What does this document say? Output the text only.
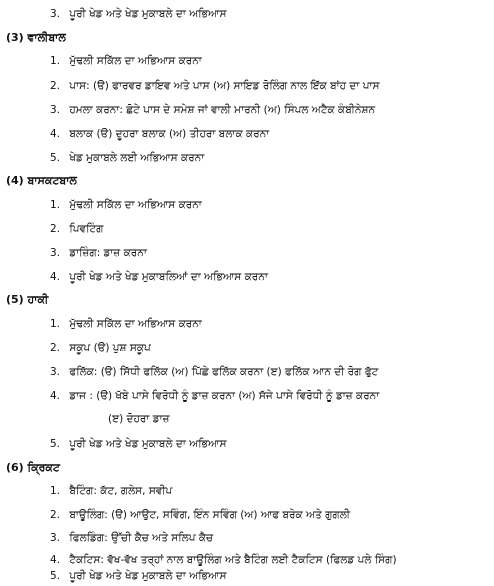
3. ਪੂਰੀ ਖੇਡ ਅਤੇ ਖੇਡ ਮੁਕਾਬਲੇ ਦਾ ਅਭਿਆਸ
(3) ਵਾਲੀਬਾਲ
1. ਮੁੱਢਲੀ ਸਕਿੱਲ ਦਾ ਅਭਿਆਸ ਕਰਨਾ
2. ਪਾਸ: (ੳ) ਫਾਰਵਰ ਡਾਇਵ ਅਤੇ ਪਾਸ (ਅ) ਸਾਇਡ ਰੋਲਿੰਗ ਨਾਲ ਇੱਕ ਬਾਂਹ ਦਾ ਪਾਸ
3. ਹਮਲਾ ਕਰਨਾ: ਛੋਟੇ ਪਾਸ ਦੇ ਸਮੇਸ਼ ਜਾਂ ਵਾਲੀ ਮਾਰਨੀ (ਅ) ਸਿੰਪਲ ਅਟੈਕ ਕੰਬੀਨੇਸ਼ਨ
4. ਬਲਾਕ (ੳ) ਦੂਹਰਾ ਬਲਾਕ (ਅ) ਤੀਹਰਾ ਬਲਾਕ ਕਰਨਾ
5. ਖੇਡ ਮੁਕਾਬਲੇ ਲਈ ਅਭਿਆਸ ਕਰਨਾ
(4) ਬਾਸਕਟਬਾਲ
1. ਮੁੱਢਲੀ ਸਕਿੱਲ ਦਾ ਅਭਿਆਸ ਕਰਨਾ
2. ਪਿਵਟਿੰਗ
3. ਡਾਜ਼ਿੰਗ: ਡਾਜ਼ ਕਰਨਾ
4. ਪੂਰੀ ਖੇਡ ਅਤੇ ਖੇਡ ਮੁਕਾਬਲਿਆਂ ਦਾ ਅਭਿਆਸ ਕਰਨਾ
(5) ਹਾਕੀ
1. ਮੁੱਢਲੀ ਸਕਿੱਲ ਦਾ ਅਭਿਆਸ ਕਰਨਾ
2. ਸਕੂਪ (ੳ) ਪੁਸ਼ ਸਕੂਪ
3. ਫਲਿੱਕ: (ੳ) ਸਿੱਧੀ ਫਲਿੱਕ (ਅ) ਪਿੱਛੇ ਫਲਿੱਕ ਕਰਨਾ (ੲ) ਫਲਿੱਕ ਆਨ ਦੀ ਰੋਗ ਫੁੱਟ
4. ਡਾਜ : (ੳ) ਖੱਬੇ ਪਾਸੇ ਵਿਰੋਧੀ ਨੂੰ ਡਾਜ਼ ਕਰਨਾ (ਅ) ਸੱਜੇ ਪਾਸੇ ਵਿਰੋਧੀ ਨੂੰ ਡਾਜ਼ ਕਰਨਾ
(ੲ) ਦੋਹਰਾ ਡਾਜ਼
5. ਪੂਰੀ ਖੇਡ ਅਤੇ ਖੇਡ ਮੁਕਾਬਲੇ ਦਾ ਅਭਿਆਸ
(6) ਕ੍ਰਿਕਟ
1. ਬੈਟਿੰਗ: ਕੱਟ, ਗਲੇਸ, ਸਵੀਪ
2. ਬਾਊਲਿੰਗ: (ੳ) ਆਉਟ, ਸਵਿੰਗ, ਇੰਨ ਸਵਿੰਗ (ਅ) ਆਫ ਬਰੇਕ ਅਤੇ ਗੁਗਲੀ
3. ਫਿਲਡਿੰਗ: ਉੱਚੀ ਕੈਚ ਅਤੇ ਸਲਿਪ ਕੈਚ
4. ਟੈਕਟਿਸ: ਵੱਖ-ਵੱਖ ਤਰ੍ਹਾਂ ਨਾਲ ਬਾਊਲਿੰਗ ਅਤੇ ਬੈਟਿੰਗ ਲਈ ਟੈਕਟਿਸ (ਫਿਲਡ ਪਲੇ ਸਿੰਗ)
5. ਪੂਰੀ ਖੇਡ ਅਤੇ ਖੇਡ ਮੁਕਾਬਲੇ ਦਾ ਅਭਿਆਸ
